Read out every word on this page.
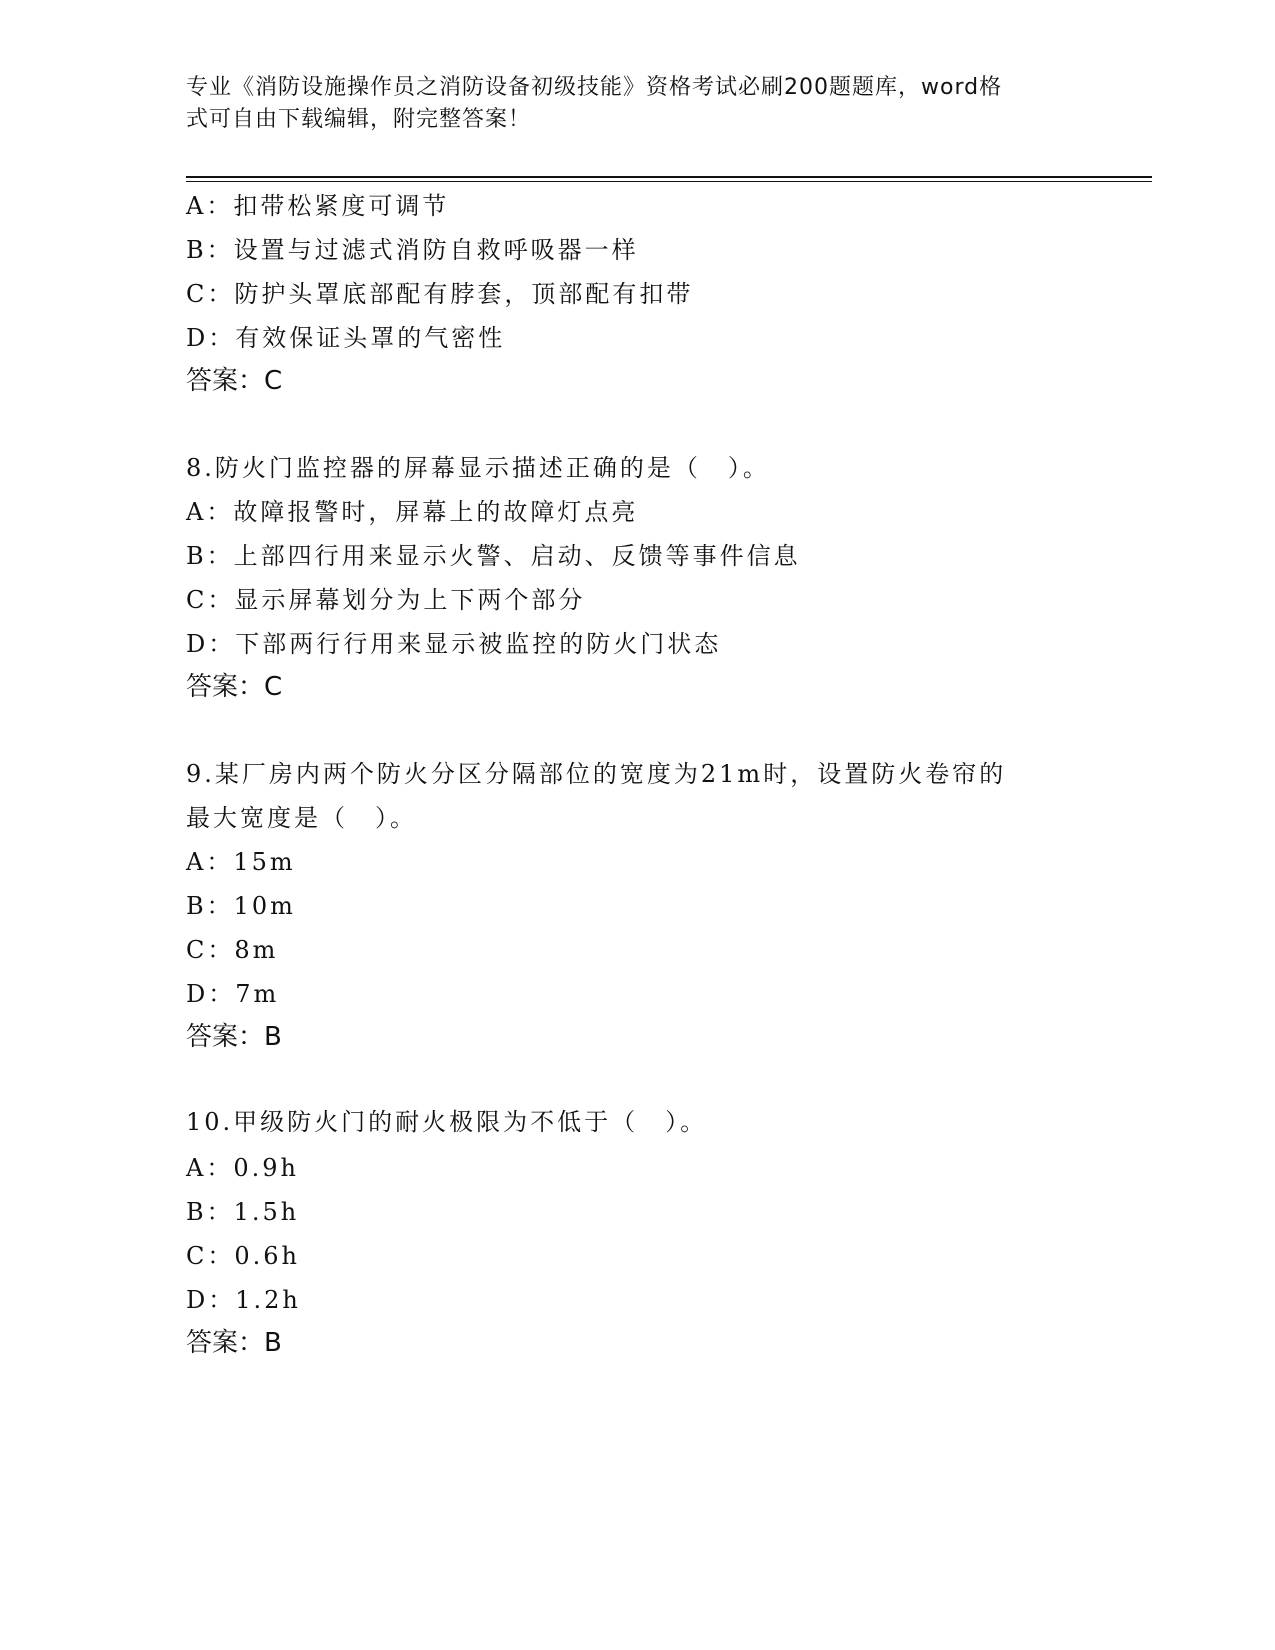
专业《消防设施操作员之消防设备初级技能》资格考试必刷200题题库，word格
式可自由下载编辑，附完整答案！
A：扣带松紧度可调节
B：设置与过滤式消防自救呼吸器一样
C：防护头罩底部配有脖套，顶部配有扣带
D：有效保证头罩的气密性
答案：C
8.防火门监控器的屏幕显示描述正确的是（　）。
A：故障报警时，屏幕上的故障灯点亮
B：上部四行用来显示火警、启动、反馈等事件信息
C：显示屏幕划分为上下两个部分
D：下部两行行用来显示被监控的防火门状态
答案：C
9.某厂房内两个防火分区分隔部位的宽度为21m时，设置防火卷帘的
最大宽度是（　）。
A：15m
B：10m
C：8m
D：7m
答案：B
10.甲级防火门的耐火极限为不低于（　）。
A：0.9h
B：1.5h
C：0.6h
D：1.2h
答案：B
